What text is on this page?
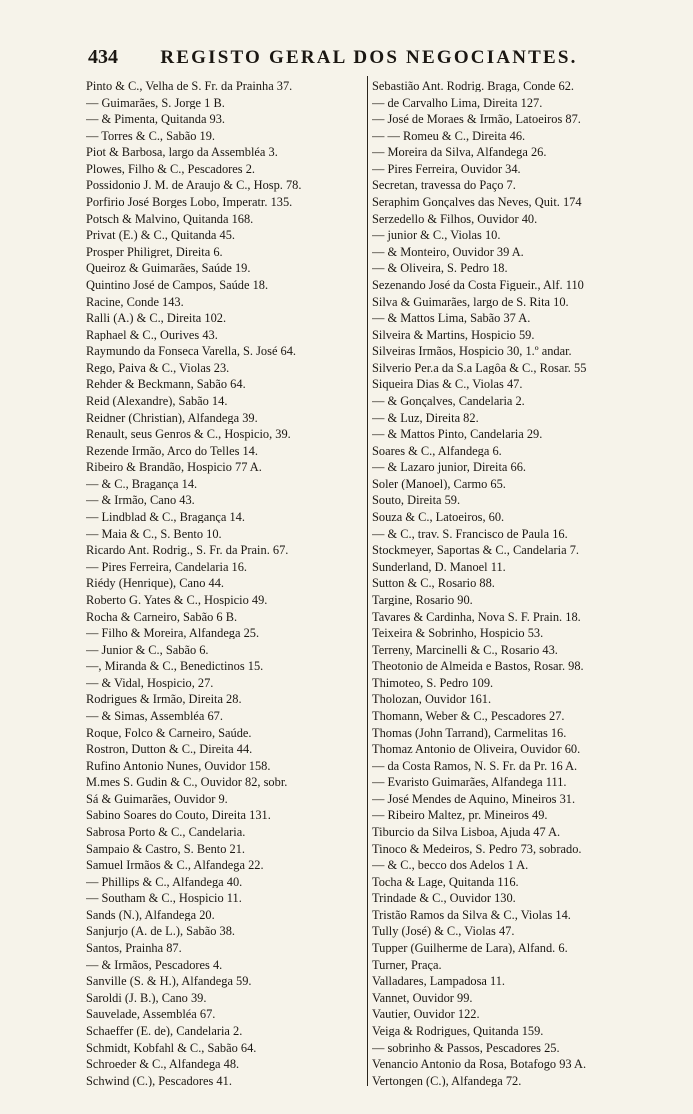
434	REGISTO GERAL DOS NEGOCIANTES.
Pinto & C., Velha de S. Fr. da Prainha 37.
— Guimarães, S. Jorge 1 B.
— & Pimenta, Quitanda 93.
— Torres & C., Sabão 19.
Piot & Barbosa, largo da Assembléa 3.
Plowes, Filho & C., Pescadores 2.
Possidonio J. M. de Araujo & C., Hosp. 78.
Porfirio José Borges Lobo, Imperatr. 135.
Potsch & Malvino, Quitanda 168.
Privat (E.) & C., Quitanda 45.
Prosper Philigret, Direita 6.
Queiroz & Guimarães, Saúde 19.
Quintino José de Campos, Saúde 18.
Racine, Conde 143.
Ralli (A.) & C., Direita 102.
Raphael & C., Ourives 43.
Raymundo da Fonseca Varella, S. José 64.
Rego, Paiva & C., Violas 23.
Rehder & Beckmann, Sabão 64.
Reid (Alexandre), Sabão 14.
Reidner (Christian), Alfandega 39.
Renault, seus Genros & C., Hospicio, 39.
Rezende Irmão, Arco do Telles 14.
Ribeiro & Brandão, Hospicio 77 A.
— & C., Bragança 14.
— & Irmão, Cano 43.
— Lindblad & C., Bragança 14.
— Maia & C., S. Bento 10.
Ricardo Ant. Rodrig., S. Fr. da Prain. 67.
— Pires Ferreira, Candelaria 16.
Riédy (Henrique), Cano 44.
Roberto G. Yates & C., Hospicio 49.
Rocha & Carneiro, Sabão 6 B.
— Filho & Moreira, Alfandega 25.
— Junior & C., Sabão 6.
—, Miranda & C., Benedictinos 15.
— & Vidal, Hospicio, 27.
Rodrigues & Irmão, Direita 28.
— & Simas, Assembléa 67.
Roque, Folco & Carneiro, Saúde.
Rostron, Dutton & C., Direita 44.
Rufino Antonio Nunes, Ouvidor 158.
M.mes S. Gudin & C., Ouvidor 82, sobr.
Sá & Guimarães, Ouvidor 9.
Sabino Soares do Couto, Direita 131.
Sabrosa Porto & C., Candelaria.
Sampaio & Castro, S. Bento 21.
Samuel Irmãos & C., Alfandega 22.
— Phillips & C., Alfandega 40.
— Southam & C., Hospicio 11.
Sands (N.), Alfandega 20.
Sanjurjo (A. de L.), Sabão 38.
Santos, Prainha 87.
— & Irmãos, Pescadores 4.
Sanville (S. & H.), Alfandega 59.
Saroldi (J. B.), Cano 39.
Sauvelade, Assembléa 67.
Schaeffer (E. de), Candelaria 2.
Schmidt, Kobfahl & C., Sabão 64.
Schroeder & C., Alfandega 48.
Schwind (C.), Pescadores 41.
Sebastião Ant. Rodrig. Braga, Conde 62.
— de Carvalho Lima, Direita 127.
— José de Moraes & Irmão, Latoeiros 87.
— — Romeu & C., Direita 46.
— Moreira da Silva, Alfandega 26.
— Pires Ferreira, Ouvidor 34.
Secretan, travessa do Paço 7.
Seraphim Gonçalves das Neves, Quit. 174
Serzedello & Filhos, Ouvidor 40.
— junior & C., Violas 10.
— & Monteiro, Ouvidor 39 A.
— & Oliveira, S. Pedro 18.
Sezenando José da Costa Figueir., Alf. 110
Silva & Guimarães, largo de S. Rita 10.
— & Mattos Lima, Sabão 37 A.
Silveira & Martins, Hospicio 59.
Silveiras Irmãos, Hospicio 30, 1.º andar.
Silverio Per.a da S.a Lagôa & C., Rosar. 55
Siqueira Dias & C., Violas 47.
— & Gonçalves, Candelaria 2.
— & Luz, Direita 82.
— & Mattos Pinto, Candelaria 29.
Soares & C., Alfandega 6.
— & Lazaro junior, Direita 66.
Soler (Manoel), Carmo 65.
Souto, Direita 59.
Souza & C., Latoeiros, 60.
— & C., trav. S. Francisco de Paula 16.
Stockmeyer, Saportas & C., Candelaria 7.
Sunderland, D. Manoel 11.
Sutton & C., Rosario 88.
Targine, Rosario 90.
Tavares & Cardinha, Nova S. F. Prain. 18.
Teixeira & Sobrinho, Hospicio 53.
Terreny, Marcinelli & C., Rosario 43.
Theotonio de Almeida e Bastos, Rosar. 98.
Thimoteo, S. Pedro 109.
Tholozan, Ouvidor 161.
Thomann, Weber & C., Pescadores 27.
Thomas (John Tarrand), Carmelitas 16.
Thomaz Antonio de Oliveira, Ouvidor 60.
— da Costa Ramos, N. S. Fr. da Pr. 16 A.
— Evaristo Guimarães, Alfandega 111.
— José Mendes de Aquino, Mineiros 31.
— Ribeiro Maltez, pr. Mineiros 49.
Tiburcio da Silva Lisboa, Ajuda 47 A.
Tinoco & Medeiros, S. Pedro 73, sobrado.
— & C., becco dos Adelos 1 A.
Tocha & Lage, Quitanda 116.
Trindade & C., Ouvidor 130.
Tristão Ramos da Silva & C., Violas 14.
Tully (José) & C., Violas 47.
Tupper (Guilherme de Lara), Alfand. 6.
Turner, Praça.
Valladares, Lampadosa 11.
Vannet, Ouvidor 99.
Vautier, Ouvidor 122.
Veiga & Rodrigues, Quitanda 159.
— sobrinho & Passos, Pescadores 25.
Venancio Antonio da Rosa, Botafogo 93 A.
Vertongen (C.), Alfandega 72.
